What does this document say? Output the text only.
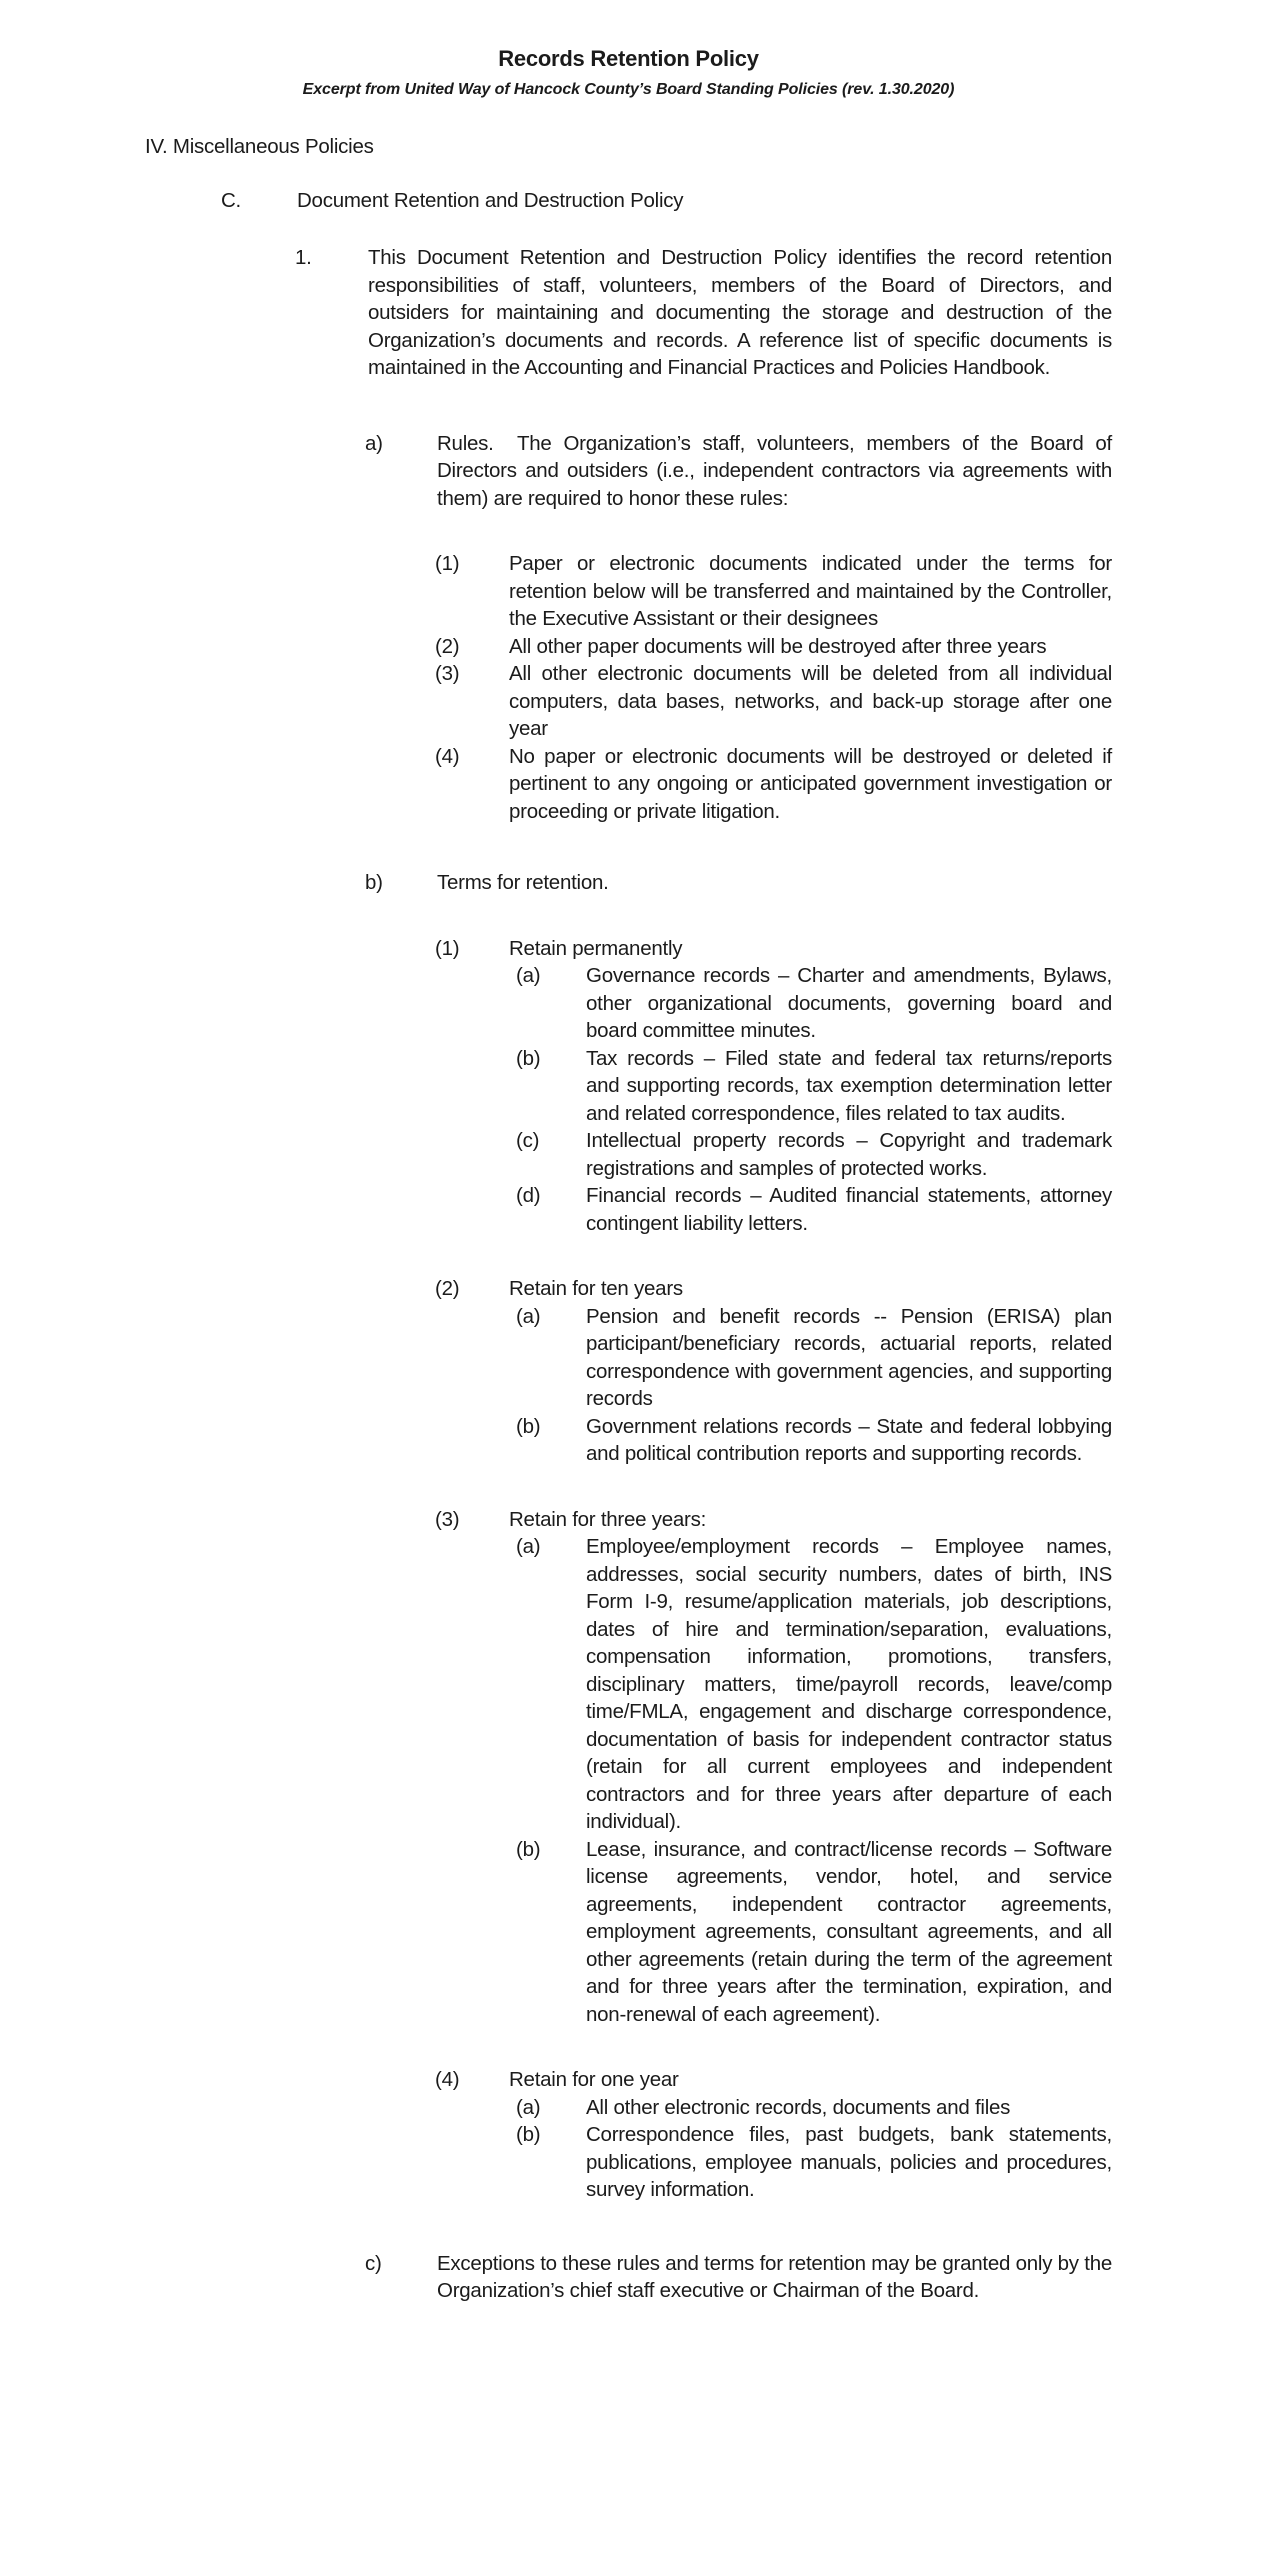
Records Retention Policy
Excerpt from United Way of Hancock County’s Board Standing Policies (rev. 1.30.2020)
IV. Miscellaneous Policies
C.	Document Retention and Destruction Policy
1.	This Document Retention and Destruction Policy identifies the record retention responsibilities of staff, volunteers, members of the Board of Directors, and outsiders for maintaining and documenting the storage and destruction of the Organization’s documents and records. A reference list of specific documents is maintained in the Accounting and Financial Practices and Policies Handbook.
a)	Rules.  The Organization’s staff, volunteers, members of the Board of Directors and outsiders (i.e., independent contractors via agreements with them) are required to honor these rules:
(1)	Paper or electronic documents indicated under the terms for retention below will be transferred and maintained by the Controller, the Executive Assistant or their designees
(2)	All other paper documents will be destroyed after three years
(3)	All other electronic documents will be deleted from all individual computers, data bases, networks, and back-up storage after one year
(4)	No paper or electronic documents will be destroyed or deleted if pertinent to any ongoing or anticipated government investigation or proceeding or private litigation.
b)	Terms for retention.
(1)	Retain permanently
(a)	Governance records – Charter and amendments, Bylaws, other organizational documents, governing board and board committee minutes.
(b)	Tax records – Filed state and federal tax returns/reports and supporting records, tax exemption determination letter and related correspondence, files related to tax audits.
(c)	Intellectual property records – Copyright and trademark registrations and samples of protected works.
(d)	Financial records – Audited financial statements, attorney contingent liability letters.
(2)	Retain for ten years
(a)	Pension and benefit records -- Pension (ERISA) plan participant/beneficiary records, actuarial reports, related correspondence with government agencies, and supporting records
(b)	Government relations records – State and federal lobbying and political contribution reports and supporting records.
(3)	Retain for three years:
(a)	Employee/employment records – Employee names, addresses, social security numbers, dates of birth, INS Form I-9, resume/application materials, job descriptions, dates of hire and termination/separation, evaluations, compensation information, promotions, transfers, disciplinary matters, time/payroll records, leave/comp time/FMLA, engagement and discharge correspondence, documentation of basis for independent contractor status (retain for all current employees and independent contractors and for three years after departure of each individual).
(b)	Lease, insurance, and contract/license records – Software license agreements, vendor, hotel, and service agreements, independent contractor agreements, employment agreements, consultant agreements, and all other agreements (retain during the term of the agreement and for three years after the termination, expiration, and non-renewal of each agreement).
(4)	Retain for one year
(a)	All other electronic records, documents and files
(b)	Correspondence files, past budgets, bank statements, publications, employee manuals, policies and procedures, survey information.
c)	Exceptions to these rules and terms for retention may be granted only by the Organization’s chief staff executive or Chairman of the Board.
